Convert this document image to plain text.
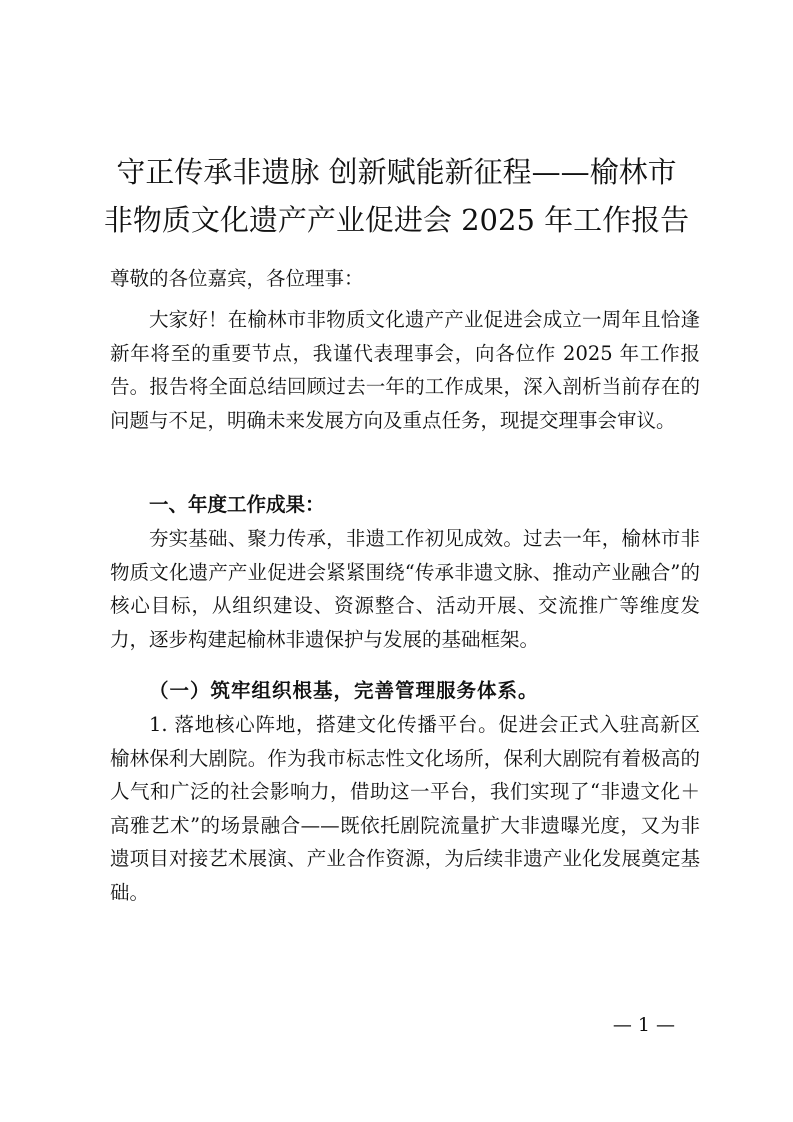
守正传承非遗脉 创新赋能新征程——榆林市
非物质文化遗产产业促进会 2025 年工作报告

尊敬的各位嘉宾，各位理事：

大家好！在榆林市非物质文化遗产产业促进会成立一周年且恰逢新年将至的重要节点，我谨代表理事会，向各位作 2025 年工作报告。报告将全面总结回顾过去一年的工作成果，深入剖析当前存在的问题与不足，明确未来发展方向及重点任务，现提交理事会审议。

一、年度工作成果：

夯实基础、聚力传承，非遗工作初见成效。过去一年，榆林市非物质文化遗产产业促进会紧紧围绕“传承非遗文脉、推动产业融合”的核心目标，从组织建设、资源整合、活动开展、交流推广等维度发力，逐步构建起榆林非遗保护与发展的基础框架。

（一）筑牢组织根基，完善管理服务体系。

1. 落地核心阵地，搭建文化传播平台。促进会正式入驻高新区榆林保利大剧院。作为我市标志性文化场所，保利大剧院有着极高的人气和广泛的社会影响力，借助这一平台，我们实现了“非遗文化＋高雅艺术”的场景融合——既依托剧院流量扩大非遗曝光度，又为非遗项目对接艺术展演、产业合作资源，为后续非遗产业化发展奠定基础。

— 1 —
